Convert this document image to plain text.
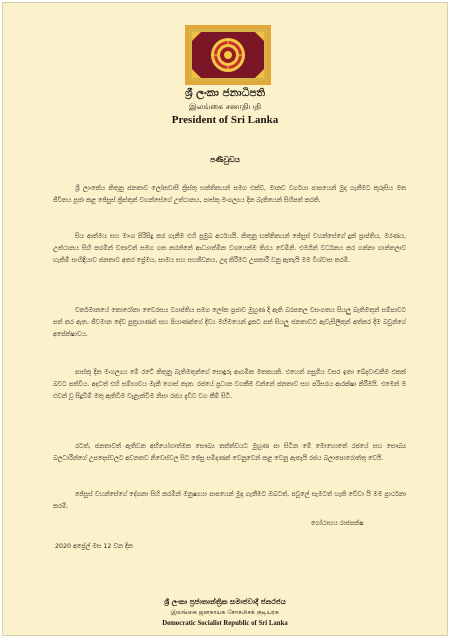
ශ්‍රී ලංකා ජනාධිපති
இலங்கை சனாதிபதி
President of Sri Lanka
පණිවුඩය
ශ්‍රී ලාංකේය කිතුනු ජනතාව ලෝකවාසී ක්‍රිස්තු භක්තිකයන් සමග එක්ව, මානව වර්ගයා පාපයෙන් මුදා ගැනීමට කුරුසිය මත ජීවිතය පූජා කළ ජේසුස් ක්‍රිස්තුන් වහන්සේගේ උත්ථානය, පාස්කු මංගල්‍යය දින බැතියෙන් සිහිපත් කරති.
සිය ආත්මය සහ මාංශ පිරිසිදු කර ගැනීම එහි ප්‍රමුඛ අර්ථයයි. කිතුනු භක්තිකයන් ජේසුස් වහන්සේගේ දුක් ප්‍රාප්තිය, මරණය, උත්ථානය සිහි කරමින් වතාවත් සමග ගත කරන්නේ ආධ්‍යාත්මික වශයෙන්ම තිරය වෙමිනි. එමගින් වර්ධනය කර ගන්නා ගාන්තලාව හැකිම් සංහිඳියාව ජනතාව අතර ප්‍රේමය, සාමය සහ සහජීවනය, උදා කිරීමට උපකාරී වනු ඇතැයි මම විශ්වාස කරමි.
වර්තමානයේ කොරෝනා වෛරසය ව්‍යාප්තිය සමග ලෝක ප්‍රජාව මුහුණ දී ඇති බරපතල වසංගතය සියලු බැතිමතුන් සම්පාවට පත් කර ඇත. ජීවමාන දේව පුත්‍රයාණන් සහ පියාණන්ගේ දිව්‍ය මහිමයෙන් දුකට පත් සියලු ජනතාවට ඇවැසිලිකුන් අත්කර දීම බවුන්ගේ අපේක්ෂාවය.
පාස්කු දින මංගල්‍යය මේ රටේ කිතුනු බැතිමතුන්ගේ සොඳුරු ආගමික මතකයකි. එහෙත් පසුගිය වසර ඉතා ඛේදවාචකීම එකක් බවට පත්විය. අදටත් එහි සම්භාවය මැකී ගොස් නැත. රජයේ ප්‍රධාන වගකීම වන්නේ ජනතාව සහ පරිසරය ආරක්ෂා කිරීමයි. එමෙන් ම එවන් වූ සිදුවීම් මතු ඇතිවීම වැළැක්වීම නිසා රජය දැඩිව වග කීම් සිටි.
රටත්, ජනතාවත් ඇතිවන අභියෝගාත්මක සෞඛ්‍ය තත්ත්වයට මුහුණ පා සිටින මේ මොහොතේ රජයේ සහ සෞඛ්‍ය බලධාරීන්ගේ උපදෙස්වලට අවනතව නිවෙස්වල සිට ජේසු සමිදාණන් වෙනුවෙන් කළ වෙනු ඇතැයි රජය බලාපොරොත්තු වෙයි.
ජේසුස් වහන්සේගේ දේශනා සිහි කරමින් මනුෂ්‍යයා පාපයෙන් මුදා ගැනීමට ඔබටත්, පවුලේ සැමටත් හැකි වේවා යි මම ප්‍රාර්ථනා කරමි.
ගෝඨාභය රාජපක්ෂ
2020 අප්‍රේල් මස 12 වන දින
ශ්‍රී ලංකා ප්‍රජාතාන්ත්‍රික සමාජවාදී ජනරජය
இலங்கை ஜனநாயக சோசலிசக் குடியரசு
Democratic Socialist Republic of Sri Lanka
